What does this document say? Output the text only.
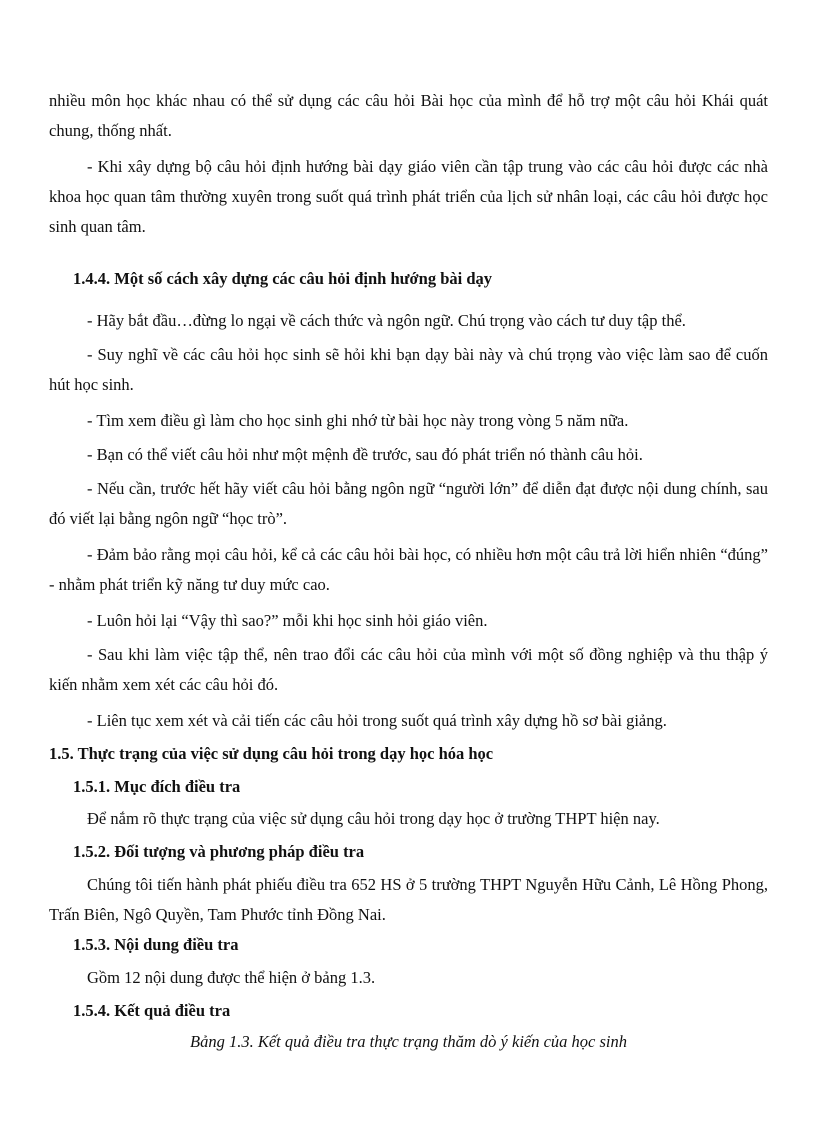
nhiều môn học khác nhau có thể sử dụng các câu hỏi Bài học của mình để hỗ trợ một câu hỏi Khái quát chung, thống nhất.

- Khi xây dựng bộ câu hỏi định hướng bài dạy giáo viên cần tập trung vào các câu hỏi được các nhà khoa học quan tâm thường xuyên trong suốt quá trình phát triển của lịch sử nhân loại, các câu hỏi được học sinh quan tâm.

1.4.4. Một số cách xây dựng các câu hỏi định hướng bài dạy

- Hãy bắt đầu…đừng lo ngại về cách thức và ngôn ngữ. Chú trọng vào cách tư duy tập thể.

- Suy nghĩ về các câu hỏi học sinh sẽ hỏi khi bạn dạy bài này và chú trọng vào việc làm sao để cuốn hút học sinh.

- Tìm xem điều gì làm cho học sinh ghi nhớ từ bài học này trong vòng 5 năm nữa.

- Bạn có thể viết câu hỏi như một mệnh đề trước, sau đó phát triển nó thành câu hỏi.

- Nếu cần, trước hết hãy viết câu hỏi bằng ngôn ngữ “người lớn” để diễn đạt được nội dung chính, sau đó viết lại bằng ngôn ngữ “học trò”.

- Đảm bảo rằng mọi câu hỏi, kể cả các câu hỏi bài học, có nhiều hơn một câu trả lời hiển nhiên “đúng” - nhằm phát triển kỹ năng tư duy mức cao.

- Luôn hỏi lại “Vậy thì sao?” mỗi khi học sinh hỏi giáo viên.

- Sau khi làm việc tập thể, nên trao đổi các câu hỏi của mình với một số đồng nghiệp và thu thập ý kiến nhằm xem xét các câu hỏi đó.

- Liên tục xem xét và cải tiến các câu hỏi trong suốt quá trình xây dựng hồ sơ bài giảng.

1.5. Thực trạng của việc sử dụng câu hỏi trong dạy học hóa học

1.5.1. Mục đích điều tra

Để nắm rõ thực trạng của việc sử dụng câu hỏi trong dạy học ở trường THPT hiện nay.

1.5.2. Đối tượng và phương pháp điều tra

Chúng tôi tiến hành phát phiếu điều tra 652 HS ở 5 trường THPT Nguyễn Hữu Cảnh, Lê Hồng Phong, Trấn Biên, Ngô Quyền, Tam Phước tỉnh Đồng Nai.

1.5.3. Nội dung điều tra

Gồm 12 nội dung được thể hiện ở bảng 1.3.

1.5.4. Kết quả điều tra

Bảng 1.3. Kết quả điều tra thực trạng thăm dò ý kiến của học sinh
